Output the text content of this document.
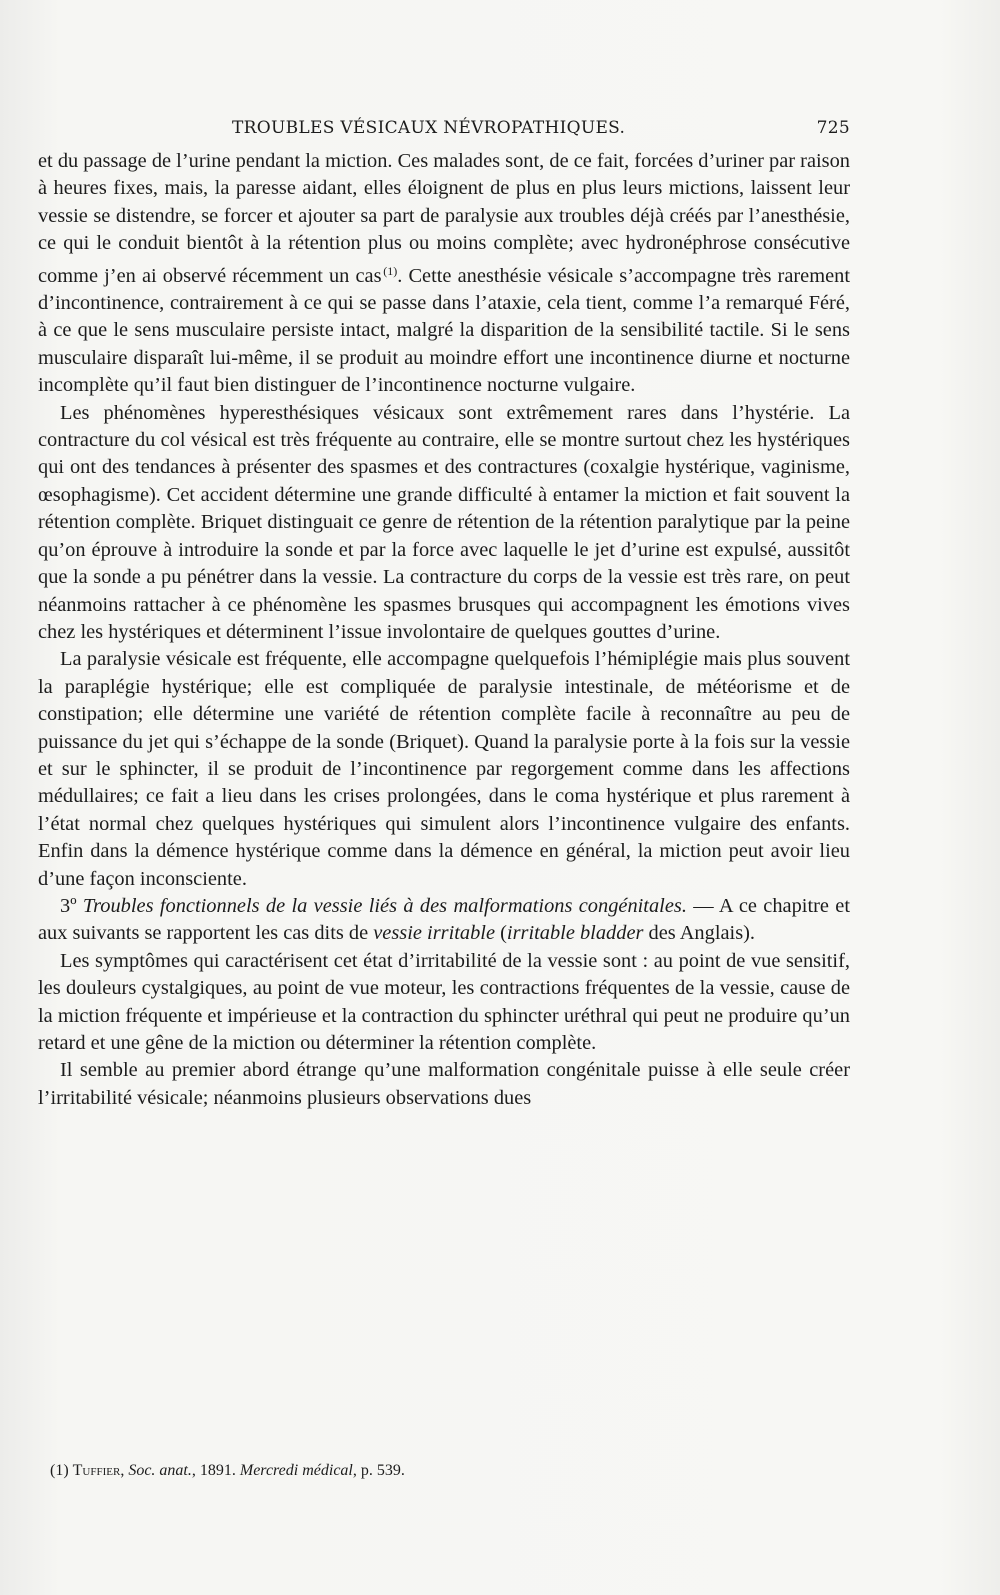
TROUBLES VÉSICAUX NÉVROPATHIQUES.	725

et du passage de l’urine pendant la miction. Ces malades sont, de ce fait, forcées d’uriner par raison à heures fixes, mais, la paresse aidant, elles éloignent de plus en plus leurs mictions, laissent leur vessie se distendre, se forcer et ajouter sa part de paralysie aux troubles déjà créés par l’anesthésie, ce qui le conduit bientôt à la rétention plus ou moins complète; avec hydronéphrose consécutive comme j’en ai observé récemment un cas  $^{(1)}$. Cette anesthésie vésicale s’accompagne très rarement d’incontinence, contrairement à ce qui se passe dans l’ataxie, cela tient, comme l’a remarqué Féré, à ce que le sens musculaire persiste intact, malgré la disparition de la sensibilité tactile. Si le sens musculaire disparaît lui-même, il se produit au moindre effort une incontinence diurne et nocturne incomplète qu’il faut bien distinguer de l’incontinence nocturne vulgaire.

Les phénomènes hyperesthésiques vésicaux sont extrêmement rares dans l’hystérie. La contracture du col vésical est très fréquente au contraire, elle se montre surtout chez les hystériques qui ont des tendances à présenter des spasmes et des contractures (coxalgie hystérique, vaginisme, œsophagisme). Cet accident détermine une grande difficulté à entamer la miction et fait souvent la rétention complète. Briquet distinguait ce genre de rétention de la rétention paralytique par la peine qu’on éprouve à introduire la sonde et par la force avec laquelle le jet d’urine est expulsé, aussitôt que la sonde a pu pénétrer dans la vessie. La contracture du corps de la vessie est très rare, on peut néanmoins rattacher à ce phénomène les spasmes brusques qui accompagnent les émotions vives chez les hystériques et déterminent l’issue involontaire de quelques gouttes d’urine.

La paralysie vésicale est fréquente, elle accompagne quelquefois l’hémiplégie mais plus souvent la paraplégie hystérique; elle est compliquée de paralysie intestinale, de météorisme et de constipation; elle détermine une variété de rétention complète facile à reconnaître au peu de puissance du jet qui s’échappe de la sonde (Briquet). Quand la paralysie porte à la fois sur la vessie et sur le sphincter, il se produit de l’incontinence par regorgement comme dans les affections médullaires; ce fait a lieu dans les crises prolongées, dans le coma hystérique et plus rarement à l’état normal chez quelques hystériques qui simulent alors l’incontinence vulgaire des enfants. Enfin dans la démence hystérique comme dans la démence en général, la miction peut avoir lieu d’une façon inconsciente.

3º Troubles fonctionnels de la vessie liés à des malformations congénitales. — A ce chapitre et aux suivants se rapportent les cas dits de vessie irritable (irritable bladder des Anglais).

Les symptômes qui caractérisent cet état d’irritabilité de la vessie sont : au point de vue sensitif, les douleurs cystalgiques, au point de vue moteur, les contractions fréquentes de la vessie, cause de la miction fréquente et impérieuse et la contraction du sphincter uréthral qui peut ne produire qu’un retard et une gêne de la miction ou déterminer la rétention complète.

Il semble au premier abord étrange qu’une malformation congénitale puisse à elle seule créer l’irritabilité vésicale; néanmoins plusieurs observations dues

(1) Tuffier, Soc. anat., 1891. Mercredi médical, p. 539.
